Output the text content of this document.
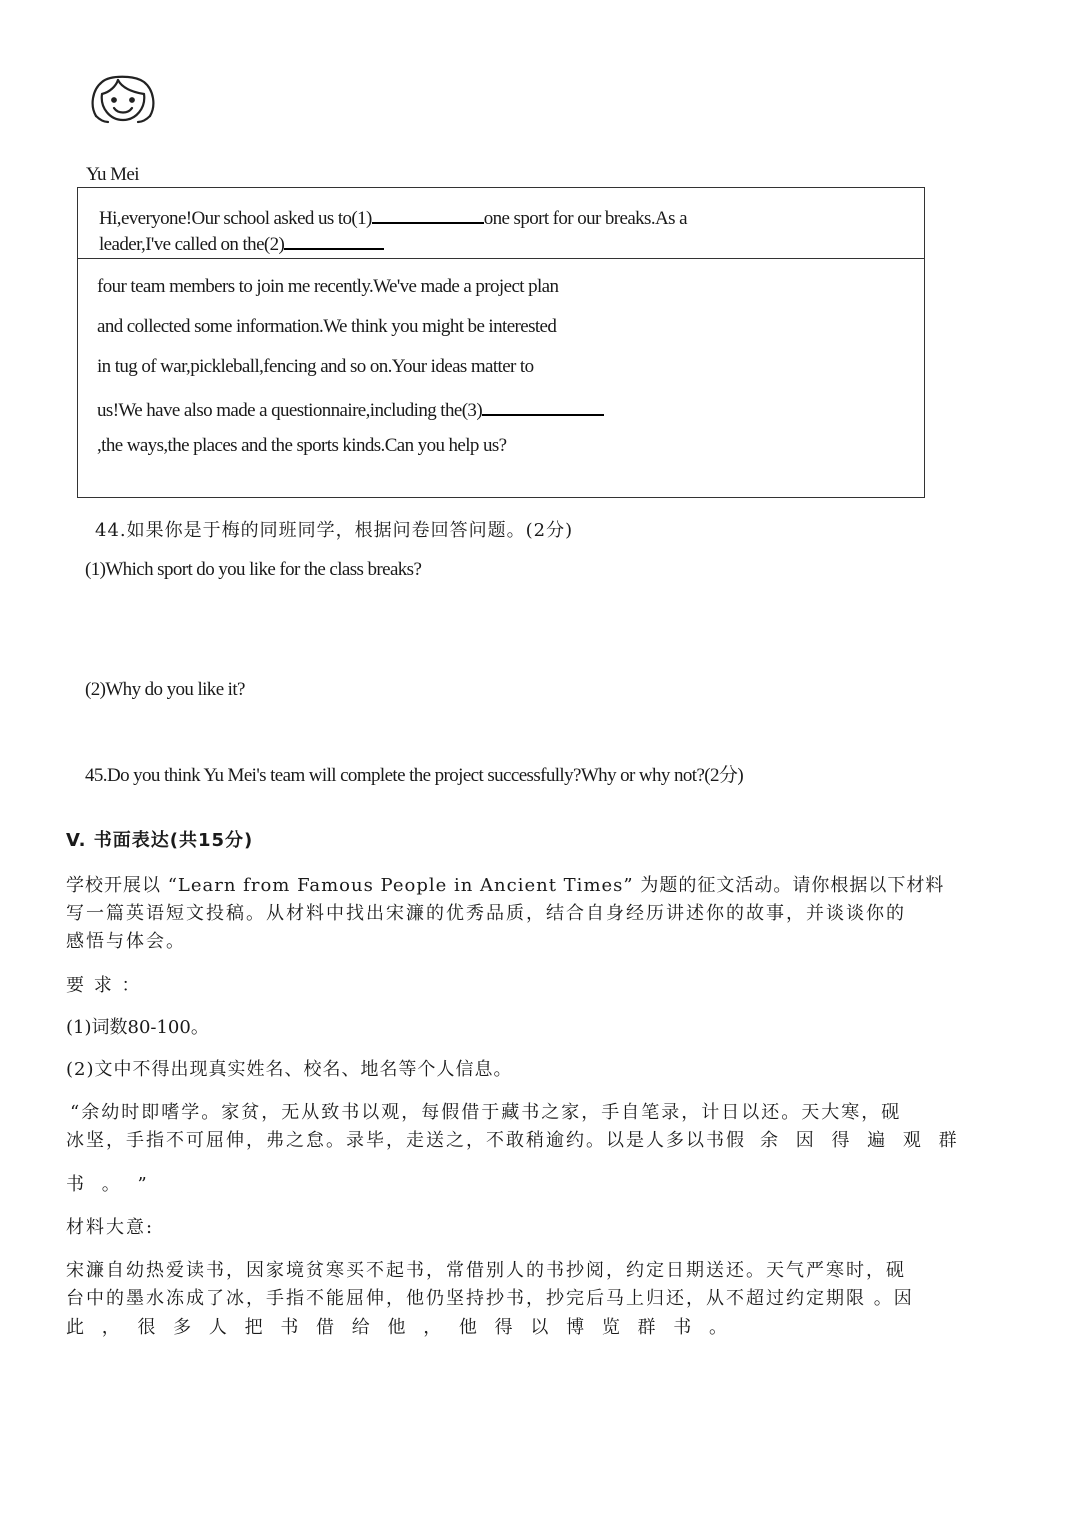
Yu Mei
Hi,everyone!Our school asked us to(1)	one sport for our breaks.As a
leader,I've called on the(2)
four team members to join me recently.We've made a project plan
and collected some information.We think you might be interested
in tug of war,pickleball,fencing and so on.Your ideas matter to
us!We have also made a questionnaire,including the(3)
,the ways,the places and the sports kinds.Can you help us?
44.如果你是于梅的同班同学，根据问卷回答问题。(2分)
(1)Which sport do you like for the class breaks?
(2)Why do you like it?
45.Do you think Yu Mei's team will complete the project successfully?Why or why not?(2分)
V. 书面表达(共15分)
学校开展以 “Learn from Famous People in Ancient Times” 为题的征文活动。请你根据以下材料
写一篇英语短文投稿。从材料中找出宋濂的优秀品质，结合自身经历讲述你的故事，并谈谈你的
感悟与体会。
要 求 ：
(1)词数80-100。
(2)文中不得出现真实姓名、校名、地名等个人信息。
“余幼时即嗜学。家贫，无从致书以观，每假借于藏书之家，手自笔录，计日以还。天大寒，砚
冰坚，手指不可屈伸，弗之怠。录毕，走送之，不敢稍逾约。以是人多以书假 余 因 得 遍 观 群
书 。 ”
材料大意:
宋濂自幼热爱读书，因家境贫寒买不起书，常借别人的书抄阅，约定日期送还。天气严寒时，砚
台中的墨水冻成了冰，手指不能屈伸，他仍坚持抄书，抄完后马上归还，从不超过约定期限 。因
此 ， 很 多 人 把 书 借 给 他 ， 他 得 以 博 览 群 书 。
